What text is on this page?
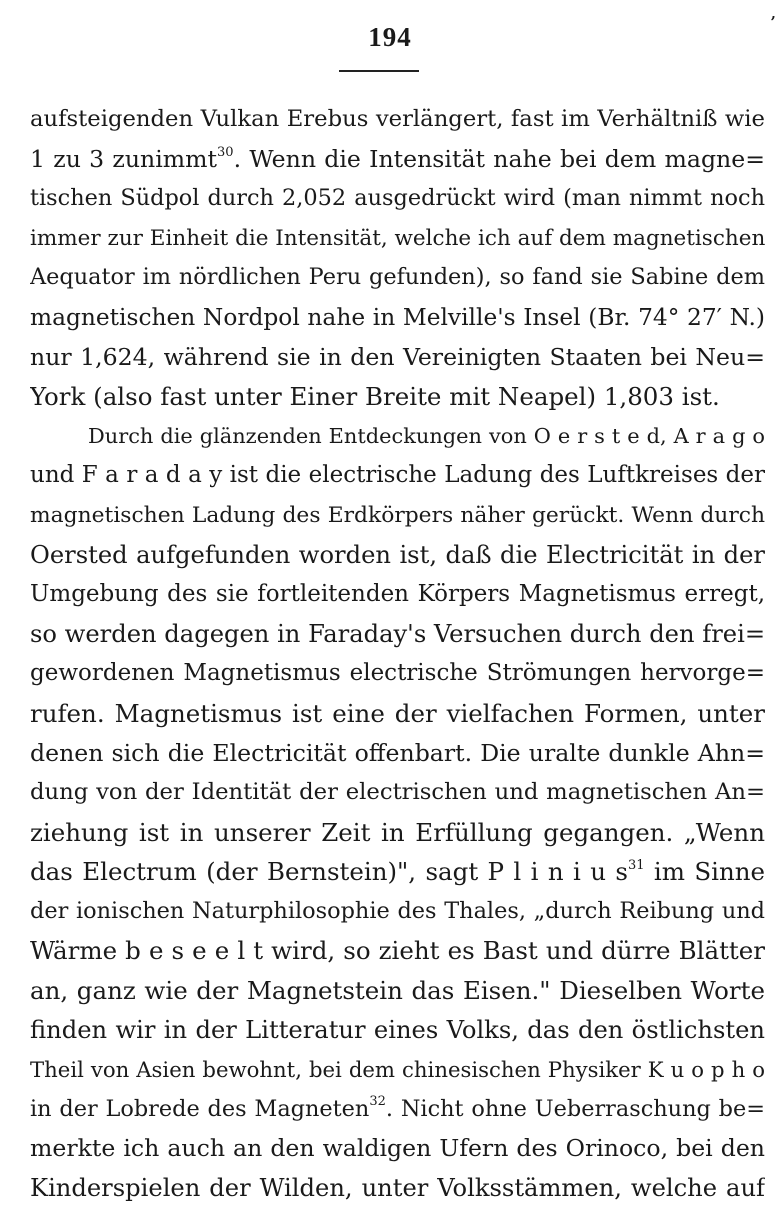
,
194
aufsteigenden Vulkan Erebus verlängert, fast im Verhältniß wie
1 zu 3 zunimmt$^{30}$. Wenn die Intensität nahe bei dem magne=
tischen Südpol durch 2,052 ausgedrückt wird (man nimmt noch
immer zur Einheit die Intensität, welche ich auf dem magnetischen
Aequator im nördlichen Peru gefunden), so fand sie Sabine dem
magnetischen Nordpol nahe in Melville's Insel (Br. 74° 27′ N.)
nur 1,624, während sie in den Vereinigten Staaten bei Neu=
York (also fast unter Einer Breite mit Neapel) 1,803 ist.
Durch die glänzenden Entdeckungen von O e r s t e d, A r a g o
und F a r a d a y ist die electrische Ladung des Luftkreises der
magnetischen Ladung des Erdkörpers näher gerückt. Wenn durch
Oersted aufgefunden worden ist, daß die Electricität in der
Umgebung des sie fortleitenden Körpers Magnetismus erregt,
so werden dagegen in Faraday's Versuchen durch den frei=
gewordenen Magnetismus electrische Strömungen hervorge=
rufen. Magnetismus ist eine der vielfachen Formen, unter
denen sich die Electricität offenbart. Die uralte dunkle Ahn=
dung von der Identität der electrischen und magnetischen An=
ziehung ist in unserer Zeit in Erfüllung gegangen. „Wenn
das Electrum (der Bernstein)", sagt P l i n i u $s^{31}$ im Sinne
der ionischen Naturphilosophie des Thales, „durch Reibung und
Wärme b e s e e l t wird, so zieht es Bast und dürre Blätter
an, ganz wie der Magnetstein das Eisen." Dieselben Worte
finden wir in der Litteratur eines Volks, das den östlichsten
Theil von Asien bewohnt, bei dem chinesischen Physiker K u o p h o
in der Lobrede des Magneten$^{32}$. Nicht ohne Ueberraschung be=
merkte ich auch an den waldigen Ufern des Orinoco, bei den
Kinderspielen der Wilden, unter Volksstämmen, welche auf
